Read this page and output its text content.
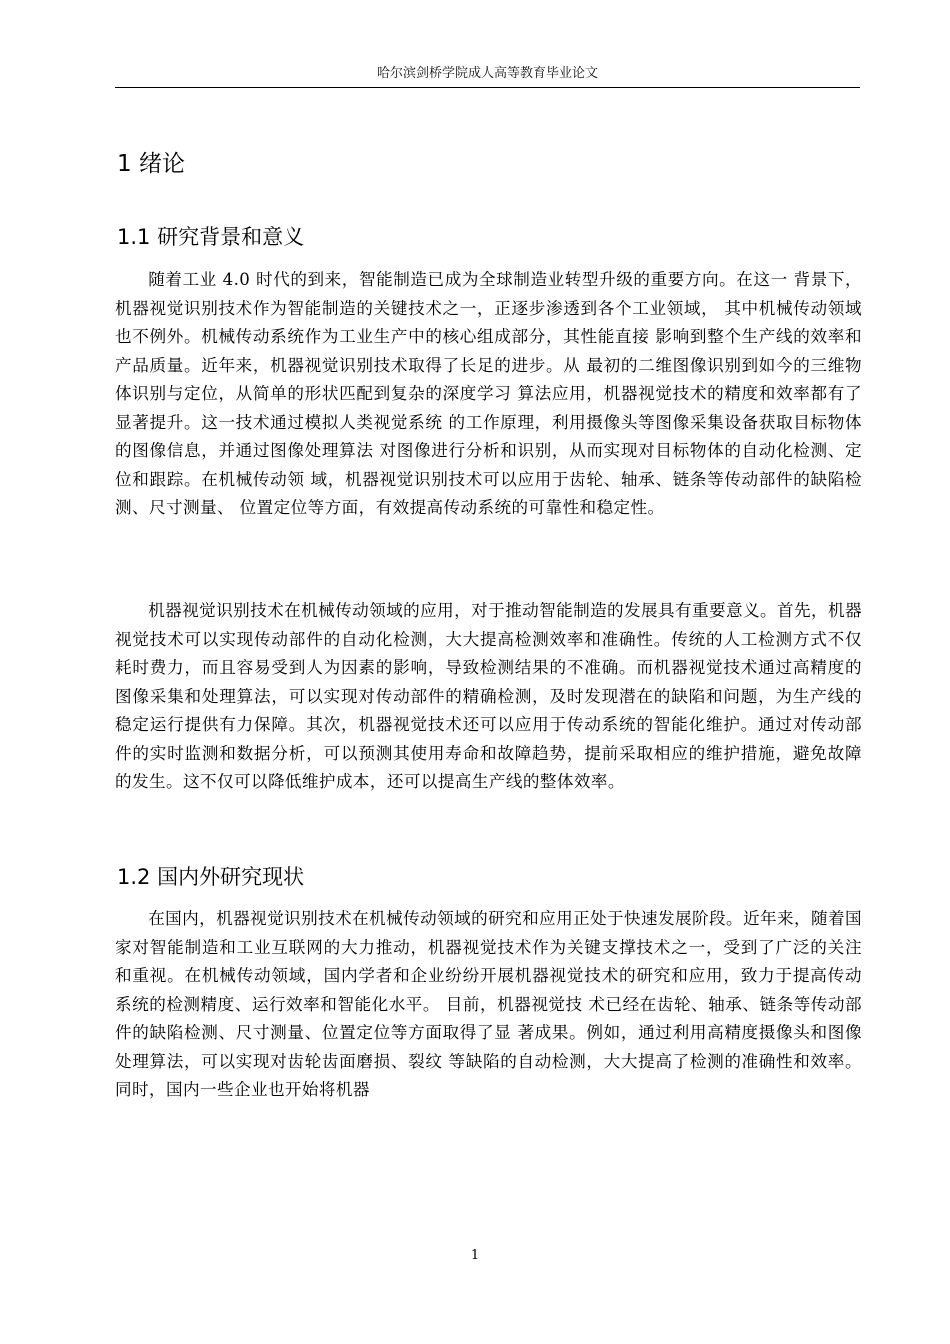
哈尔滨剑桥学院成人高等教育毕业论文
1 绪论
1.1 研究背景和意义

随着工业 4.0 时代的到来，智能制造已成为全球制造业转型升级的重要方向。在这一 背景下，机器视觉识别技术作为智能制造的关键技术之一，正逐步渗透到各个工业领域， 其中机械传动领域也不例外。机械传动系统作为工业生产中的核心组成部分，其性能直接 影响到整个生产线的效率和产品质量。近年来，机器视觉识别技术取得了长足的进步。从 最初的二维图像识别到如今的三维物体识别与定位，从简单的形状匹配到复杂的深度学习 算法应用，机器视觉技术的精度和效率都有了显著提升。这一技术通过模拟人类视觉系统 的工作原理，利用摄像头等图像采集设备获取目标物体的图像信息，并通过图像处理算法 对图像进行分析和识别，从而实现对目标物体的自动化检测、定位和跟踪。在机械传动领 域，机器视觉识别技术可以应用于齿轮、轴承、链条等传动部件的缺陷检测、尺寸测量、 位置定位等方面，有效提高传动系统的可靠性和稳定性。

机器视觉识别技术在机械传动领域的应用，对于推动智能制造的发展具有重要意义。首先，机器视觉技术可以实现传动部件的自动化检测，大大提高检测效率和准确性。传统的人工检测方式不仅耗时费力，而且容易受到人为因素的影响，导致检测结果的不准确。而机器视觉技术通过高精度的图像采集和处理算法，可以实现对传动部件的精确检测，及时发现潜在的缺陷和问题，为生产线的稳定运行提供有力保障。其次，机器视觉技术还可以应用于传动系统的智能化维护。通过对传动部件的实时监测和数据分析，可以预测其使用寿命和故障趋势，提前采取相应的维护措施，避免故障的发生。这不仅可以降低维护成本，还可以提高生产线的整体效率。

1.2 国内外研究现状

在国内，机器视觉识别技术在机械传动领域的研究和应用正处于快速发展阶段。近年来，随着国家对智能制造和工业互联网的大力推动，机器视觉技术作为关键支撑技术之一，受到了广泛的关注和重视。在机械传动领域，国内学者和企业纷纷开展机器视觉技术的研究和应用，致力于提高传动系统的检测精度、运行效率和智能化水平。 目前，机器视觉技 术已经在齿轮、轴承、链条等传动部件的缺陷检测、尺寸测量、位置定位等方面取得了显 著成果。例如，通过利用高精度摄像头和图像处理算法，可以实现对齿轮齿面磨损、裂纹 等缺陷的自动检测，大大提高了检测的准确性和效率。同时，国内一些企业也开始将机器

1
